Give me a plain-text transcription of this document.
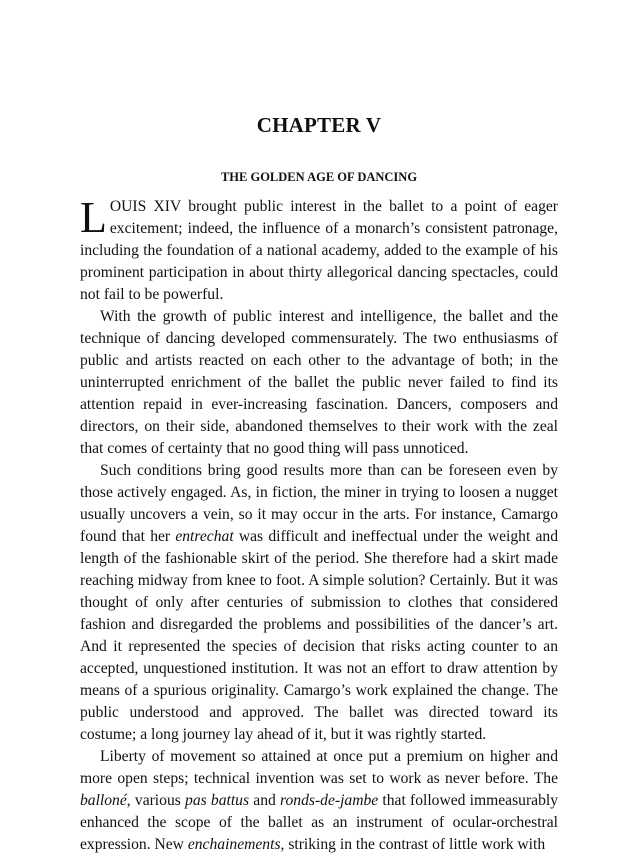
CHAPTER V
THE GOLDEN AGE OF DANCING

LOUIS XIV brought public interest in the ballet to a point of eager excitement; indeed, the influence of a monarch’s consistent patronage, including the foundation of a national academy, added to the example of his prominent participation in about thirty allegorical dancing spectacles, could not fail to be powerful.

With the growth of public interest and intelligence, the ballet and the technique of dancing developed commensurately. The two enthusiasms of public and artists reacted on each other to the advantage of both; in the uninterrupted enrichment of the ballet the public never failed to find its attention repaid in ever-increasing fascination. Dancers, composers and directors, on their side, abandoned themselves to their work with the zeal that comes of certainty that no good thing will pass unnoticed.

Such conditions bring good results more than can be foreseen even by those actively engaged. As, in fiction, the miner in trying to loosen a nugget usually uncovers a vein, so it may occur in the arts. For instance, Camargo found that her entrechat was difficult and ineffectual under the weight and length of the fashionable skirt of the period. She therefore had a skirt made reaching midway from knee to foot. A simple solution? Certainly. But it was thought of only after centuries of submission to clothes that considered fashion and disregarded the problems and possibilities of the dancer’s art. And it represented the species of decision that risks acting counter to an accepted, unquestioned institution. It was not an effort to draw attention by means of a spurious originality. Camargo’s work explained the change. The public understood and approved. The ballet was directed toward its costume; a long journey lay ahead of it, but it was rightly started.

Liberty of movement so attained at once put a premium on higher and more open steps; technical invention was set to work as never before. The balloné, various pas battus and ronds-de-jambe that followed immeasurably enhanced the scope of the ballet as an instrument of ocular-orchestral expression. New enchainements, striking in the contrast of little work with
